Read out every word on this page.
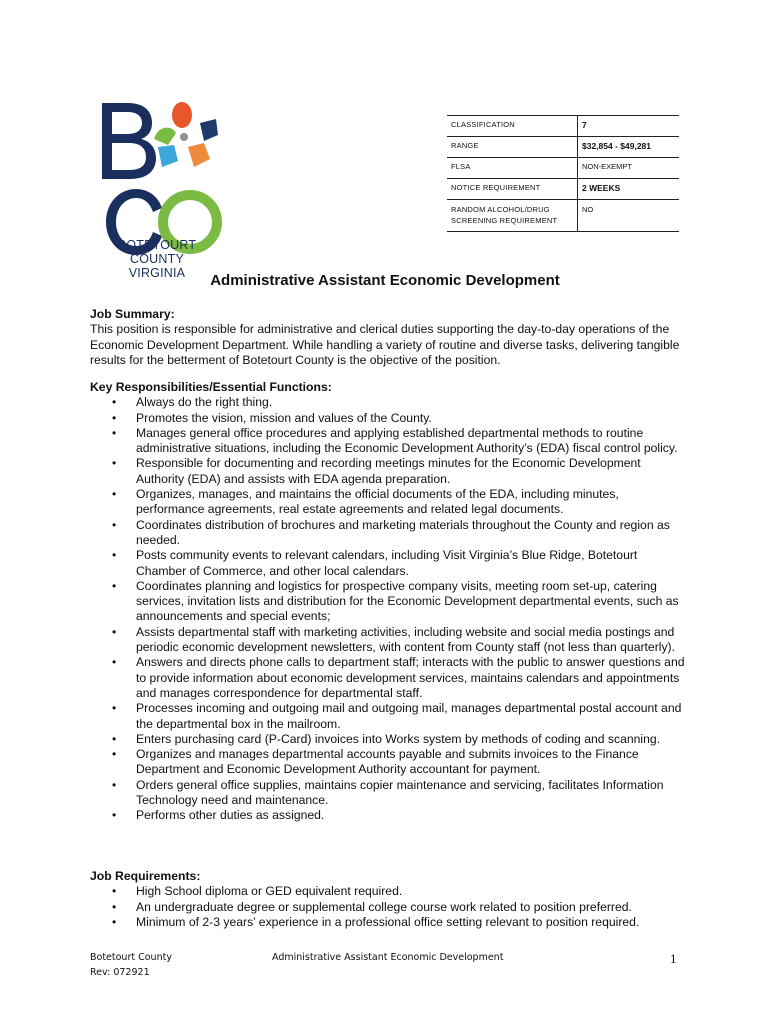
BOTETOURT COUNTY
VIRGINIA
CLASSIFICATION	7
RANGE	$32,854 - $49,281
FLSA	NON-EXEMPT
NOTICE REQUIREMENT	2 WEEKS

RANDOM ALCOHOL/DRUG
SCREENING REQUIREMENT	NO
Administrative Assistant Economic Development
Job Summary:
This position is responsible for administrative and clerical duties supporting the day-to-day operations of the Economic Development Department. While handling a variety of routine and diverse tasks, delivering tangible results for the betterment of Botetourt County is the objective of the position.
Key Responsibilities/Essential Functions:
• Always do the right thing.
• Promotes the vision, mission and values of the County.
• Manages general office procedures and applying established departmental methods to routine administrative situations, including the Economic Development Authority’s (EDA) fiscal control policy.
• Responsible for documenting and recording meetings minutes for the Economic Development Authority (EDA) and assists with EDA agenda preparation.
• Organizes, manages, and maintains the official documents of the EDA, including minutes, performance agreements, real estate agreements and related legal documents.
• Coordinates distribution of brochures and marketing materials throughout the County and region as needed.
• Posts community events to relevant calendars, including Visit Virginia’s Blue Ridge, Botetourt Chamber of Commerce, and other local calendars.
• Coordinates planning and logistics for prospective company visits, meeting room set-up, catering services, invitation lists and distribution for the Economic Development departmental events, such as announcements and special events;
• Assists departmental staff with marketing activities, including website and social media postings and periodic economic development newsletters, with content from County staff (not less than quarterly).
• Answers and directs phone calls to department staff; interacts with the public to answer questions and to provide information about economic development services, maintains calendars and appointments and manages correspondence for departmental staff.
• Processes incoming and outgoing mail and outgoing mail, manages departmental postal account and the departmental box in the mailroom.
• Enters purchasing card (P-Card) invoices into Works system by methods of coding and scanning.
• Organizes and manages departmental accounts payable and submits invoices to the Finance Department and Economic Development Authority accountant for payment.
• Orders general office supplies, maintains copier maintenance and servicing, facilitates Information Technology need and maintenance.
• Performs other duties as assigned.
Job Requirements:
• High School diploma or GED equivalent required.
• An undergraduate degree or supplemental college course work related to position preferred.
• Minimum of 2-3 years’ experience in a professional office setting relevant to position required.
Botetourt County
Rev: 072921
Administrative Assistant Economic Development	1
